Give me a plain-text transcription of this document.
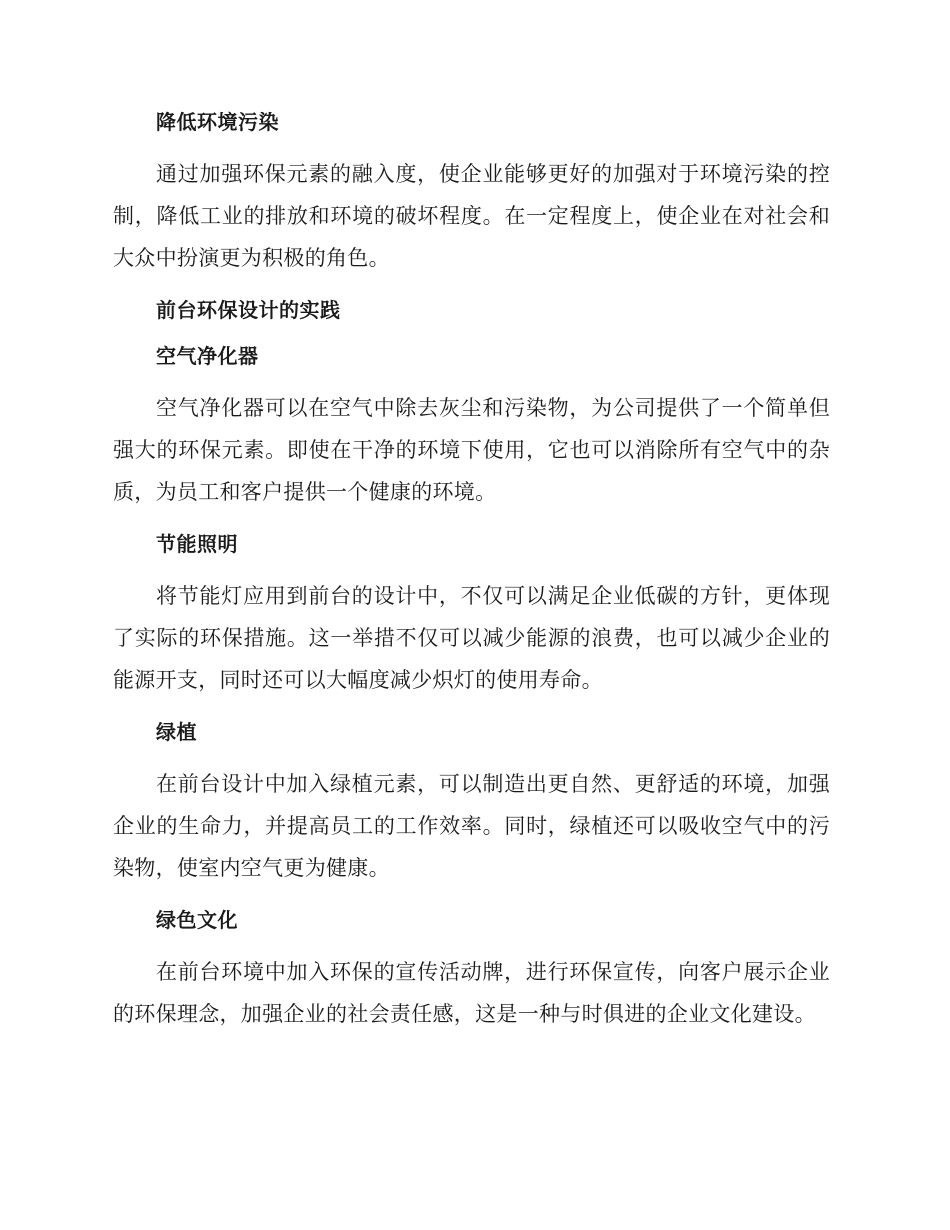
降低环境污染

通过加强环保元素的融入度，使企业能够更好的加强对于环境污染的控制，降低工业的排放和环境的破坏程度。在一定程度上，使企业在对社会和大众中扮演更为积极的角色。

前台环保设计的实践
空气净化器

空气净化器可以在空气中除去灰尘和污染物，为公司提供了一个简单但强大的环保元素。即使在干净的环境下使用，它也可以消除所有空气中的杂质，为员工和客户提供一个健康的环境。

节能照明

将节能灯应用到前台的设计中，不仅可以满足企业低碳的方针，更体现了实际的环保措施。这一举措不仅可以减少能源的浪费，也可以减少企业的能源开支，同时还可以大幅度减少炽灯的使用寿命。

绿植

在前台设计中加入绿植元素，可以制造出更自然、更舒适的环境，加强企业的生命力，并提高员工的工作效率。同时，绿植还可以吸收空气中的污染物，使室内空气更为健康。

绿色文化

在前台环境中加入环保的宣传活动牌，进行环保宣传，向客户展示企业的环保理念，加强企业的社会责任感，这是一种与时俱进的企业文化建设。
